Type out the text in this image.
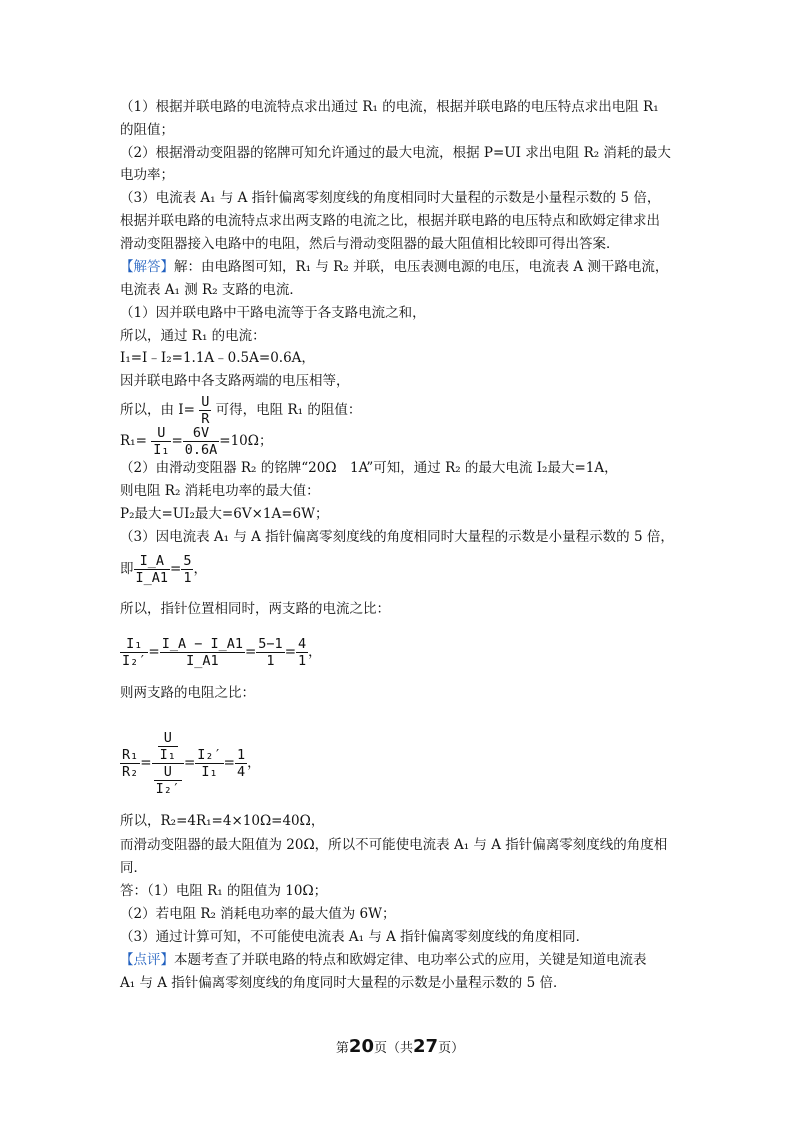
（1）根据并联电路的电流特点求出通过 R₁ 的电流，根据并联电路的电压特点求出电阻 R₁
的阻值；
（2）根据滑动变阻器的铭牌可知允许通过的最大电流，根据 P=UI 求出电阻 R₂ 消耗的最大
电功率；
（3）电流表 A₁ 与 A 指针偏离零刻度线的角度相同时大量程的示数是小量程示数的 5 倍，
根据并联电路的电流特点求出两支路的电流之比，根据并联电路的电压特点和欧姆定律求出
滑动变阻器接入电路中的电阻，然后与滑动变阻器的最大阻值相比较即可得出答案．
【解答】解：由电路图可知，R₁ 与 R₂ 并联，电压表测电源的电压，电流表 A 测干路电流，
电流表 A₁ 测 R₂ 支路的电流．
（1）因并联电路中干路电流等于各支路电流之和，
所以，通过 R₁ 的电流：
I₁=I﹣I₂=1.1A﹣0.5A=0.6A，
因并联电路中各支路两端的电压相等，
所以，由 $I= \frac{U}{R}$ 可得，电阻 R₁ 的阻值：
$R_1= \frac{U}{\text{I₁}} = \frac{6V}{0.6A} =10\Omega$；
（2）由滑动变阻器 R₂ 的铭牌“20Ω　1A”可知，通过 R₂ 的最大电流 I₂最大=1A，
则电阻 R₂ 消耗电功率的最大值：
P₂最大=UI₂最大=6V×1A=6W；
（3）因电流表 A₁ 与 A 指针偏离零刻度线的角度相同时大量程的示数是小量程示数的 5 倍，
即 $\frac{I\_A}{I\_A1} = \frac{5}{1}$ ，
所以，指针位置相同时，两支路的电流之比：
$\frac{\text{I₁}}{\text{I₂′}} = \frac{I\_A - I\_A1}{I\_A1} = \frac{5-1}{1} = \frac{4}{1}$ ，
则两支路的电阻之比：
$\frac{\text{R₁}}{\text{R₂}} = \frac{\frac{U}{\text{I₁}}}{\frac{U}{\text{I₂′}}} = \frac{\text{I₂′}}{\text{I₁}} = \frac{1}{4}$ ，
所以，R₂=4R₁=4×10Ω=40Ω，
而滑动变阻器的最大阻值为 20Ω，所以不可能使电流表 A₁ 与 A 指针偏离零刻度线的角度相
同．
答：（1）电阻 R₁ 的阻值为 10Ω；
（2）若电阻 R₂ 消耗电功率的最大值为 6W；
（3）通过计算可知，不可能使电流表 A₁ 与 A 指针偏离零刻度线的角度相同．
【点评】本题考查了并联电路的特点和欧姆定律、电功率公式的应用，关键是知道电流表
A₁ 与 A 指针偏离零刻度线的角度同时大量程的示数是小量程示数的 5 倍．
第20页（共27页）
